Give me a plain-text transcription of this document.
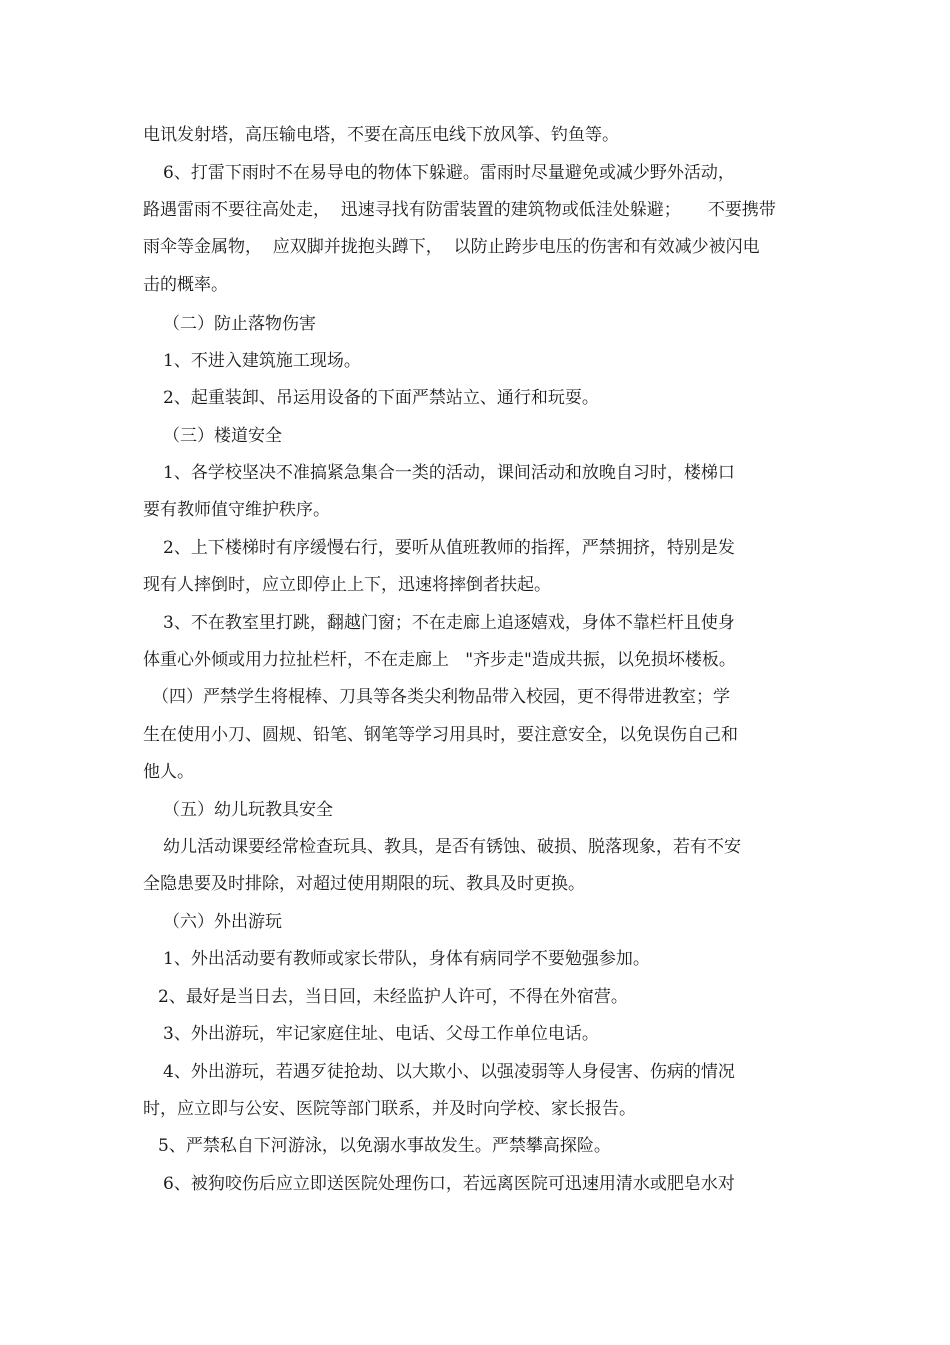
电讯发射塔，高压输电塔，不要在高压电线下放风筝、钓鱼等。
6、打雷下雨时不在易导电的物体下躲避。雷雨时尽量避免或减少野外活动，
路遇雷雨不要往高处走，  迅速寻找有防雷装置的建筑物或低洼处躲避；     不要携带
雨伞等金属物，  应双脚并拢抱头蹲下，  以防止跨步电压的伤害和有效减少被闪电
击的概率。
（二）防止落物伤害
1、不进入建筑施工现场。
2、起重装卸、吊运用设备的下面严禁站立、通行和玩耍。
（三）楼道安全
1、各学校坚决不准搞紧急集合一类的活动，课间活动和放晚自习时，楼梯口
要有教师值守维护秩序。
2、上下楼梯时有序缓慢右行，要听从值班教师的指挥，严禁拥挤，特别是发
现有人摔倒时，应立即停止上下，迅速将摔倒者扶起。
3、不在教室里打跳，翻越门窗；不在走廊上追逐嬉戏，身体不靠栏杆且使身
体重心外倾或用力拉扯栏杆，不在走廊上   "齐步走"造成共振，以免损坏楼板。
（四）严禁学生将棍棒、刀具等各类尖利物品带入校园，更不得带进教室；学
生在使用小刀、圆规、铅笔、钢笔等学习用具时，要注意安全，以免误伤自己和
他人。
（五）幼儿玩教具安全
幼儿活动课要经常检查玩具、教具，是否有锈蚀、破损、脱落现象，若有不安
全隐患要及时排除，对超过使用期限的玩、教具及时更换。
（六）外出游玩
1、外出活动要有教师或家长带队，身体有病同学不要勉强参加。
2、最好是当日去，当日回，未经监护人许可，不得在外宿营。
3、外出游玩，牢记家庭住址、电话、父母工作单位电话。
4、外出游玩，若遇歹徒抢劫、以大欺小、以强凌弱等人身侵害、伤病的情况
时，应立即与公安、医院等部门联系，并及时向学校、家长报告。
5、严禁私自下河游泳，以免溺水事故发生。严禁攀高探险。
6、被狗咬伤后应立即送医院处理伤口，若远离医院可迅速用清水或肥皂水对
